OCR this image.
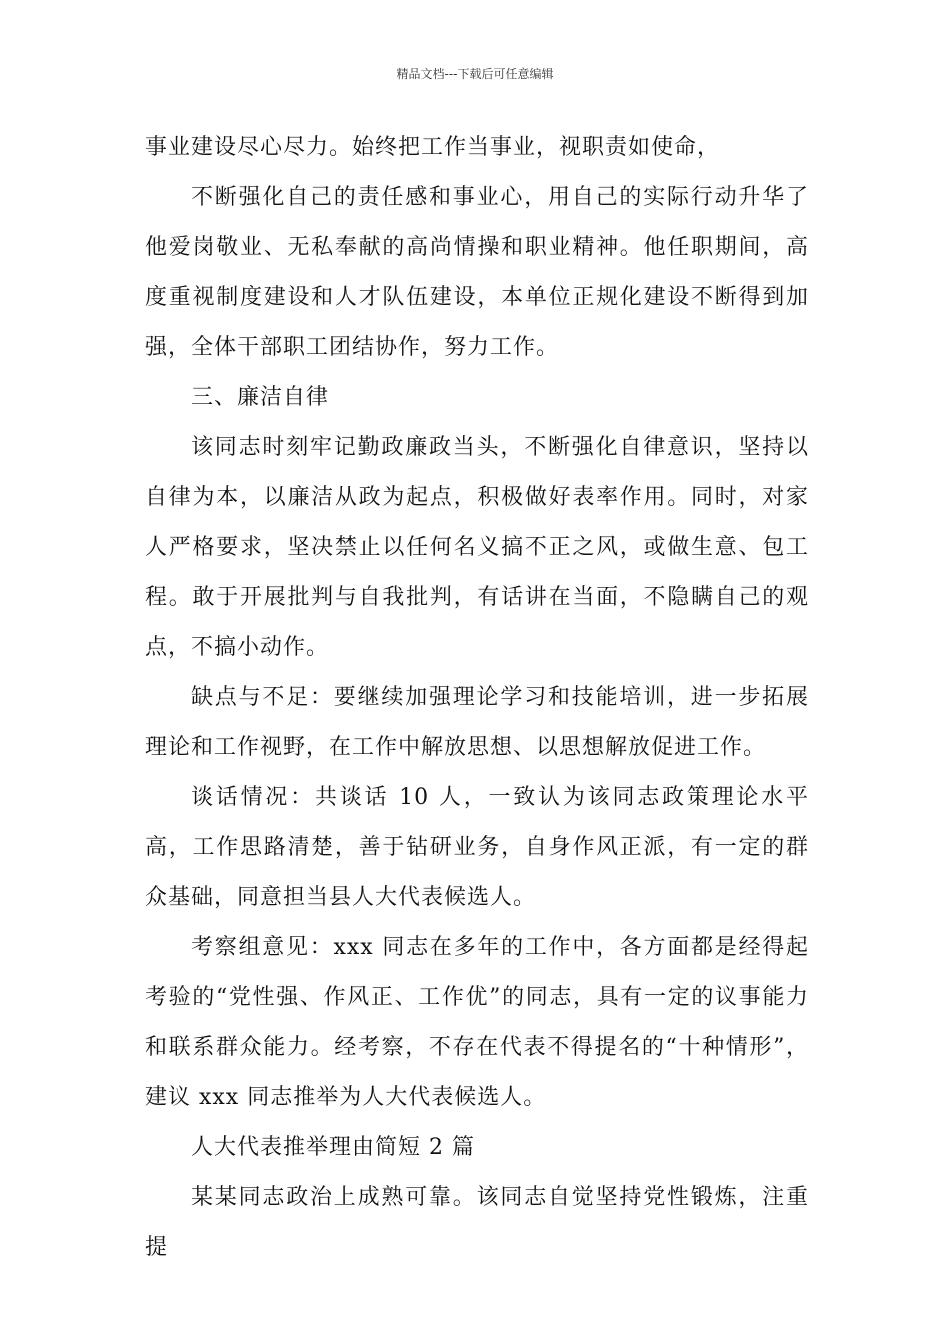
精品文档---下载后可任意编辑

事业建设尽心尽力。始终把工作当事业，视职责如使命，

不断强化自己的责任感和事业心，用自己的实际行动升华了他爱岗敬业、无私奉献的高尚情操和职业精神。他任职期间，高度重视制度建设和人才队伍建设，本单位正规化建设不断得到加强，全体干部职工团结协作，努力工作。

三、廉洁自律

该同志时刻牢记勤政廉政当头，不断强化自律意识，坚持以自律为本，以廉洁从政为起点，积极做好表率作用。同时，对家人严格要求，坚决禁止以任何名义搞不正之风，或做生意、包工程。敢于开展批判与自我批判，有话讲在当面，不隐瞒自己的观点，不搞小动作。

缺点与不足：要继续加强理论学习和技能培训，进一步拓展理论和工作视野，在工作中解放思想、以思想解放促进工作。

谈话情况：共谈话 10 人，一致认为该同志政策理论水平高，工作思路清楚，善于钻研业务，自身作风正派，有一定的群众基础，同意担当县人大代表候选人。

考察组意见：xxx 同志在多年的工作中，各方面都是经得起考验的“党性强、作风正、工作优”的同志，具有一定的议事能力和联系群众能力。经考察，不存在代表不得提名的“十种情形”，建议 xxx 同志推举为人大代表候选人。

人大代表推举理由简短 2 篇

某某同志政治上成熟可靠。该同志自觉坚持党性锻炼，注重提
